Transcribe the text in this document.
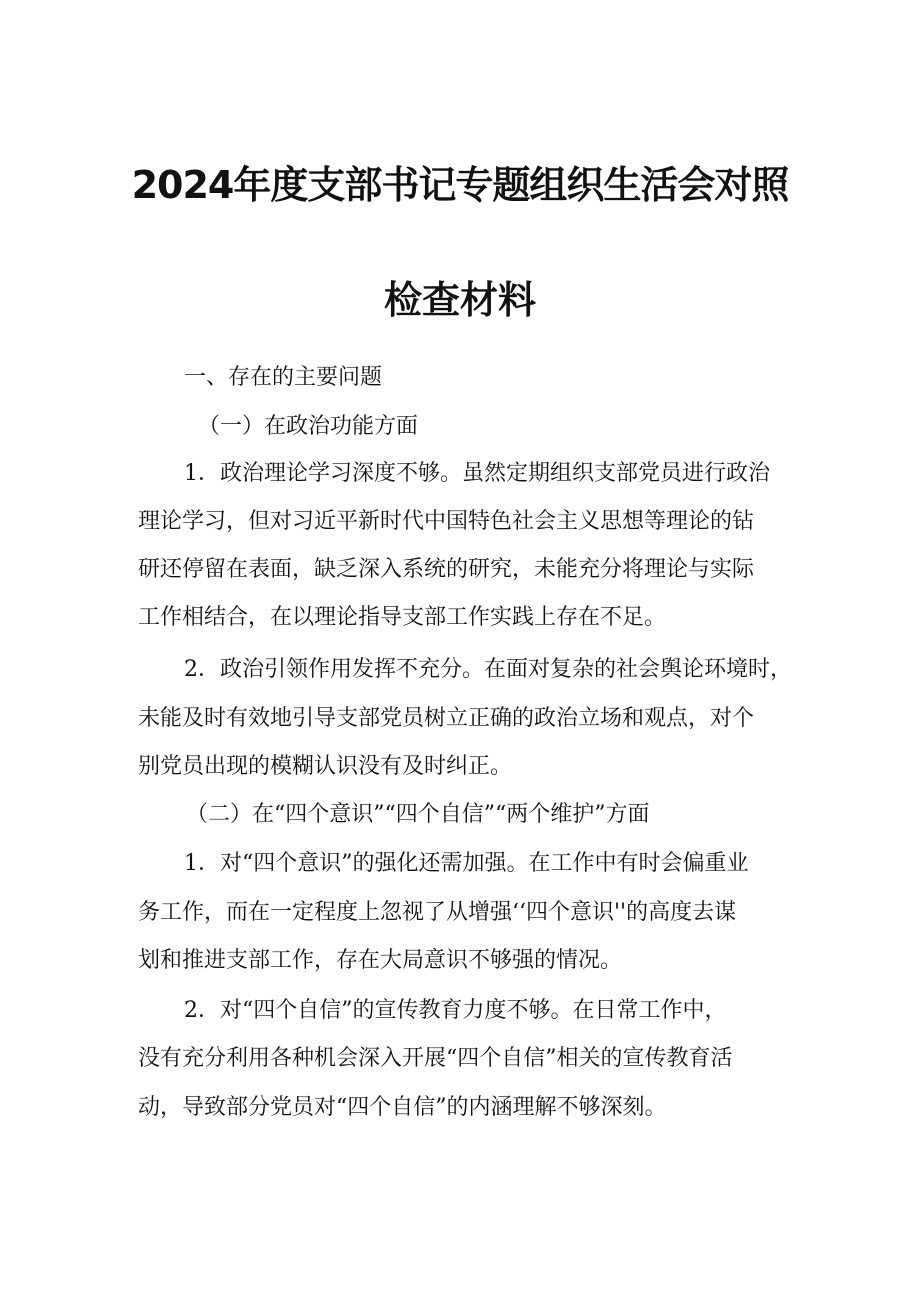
2024年度支部书记专题组织生活会对照
检查材料
一、存在的主要问题
（一）在政治功能方面
1．政治理论学习深度不够。虽然定期组织支部党员进行政治
理论学习，但对习近平新时代中国特色社会主义思想等理论的钻
研还停留在表面，缺乏深入系统的研究，未能充分将理论与实际
工作相结合，在以理论指导支部工作实践上存在不足。
2．政治引领作用发挥不充分。在面对复杂的社会舆论环境时，
未能及时有效地引导支部党员树立正确的政治立场和观点，对个
别党员出现的模糊认识没有及时纠正。
（二）在“四个意识”“四个自信”“两个维护”方面
1．对“四个意识”的强化还需加强。在工作中有时会偏重业
务工作，而在一定程度上忽视了从增强‘‘四个意识''的高度去谋
划和推进支部工作，存在大局意识不够强的情况。
2．对“四个自信”的宣传教育力度不够。在日常工作中，
没有充分利用各种机会深入开展“四个自信”相关的宣传教育活
动，导致部分党员对“四个自信”的内涵理解不够深刻。
